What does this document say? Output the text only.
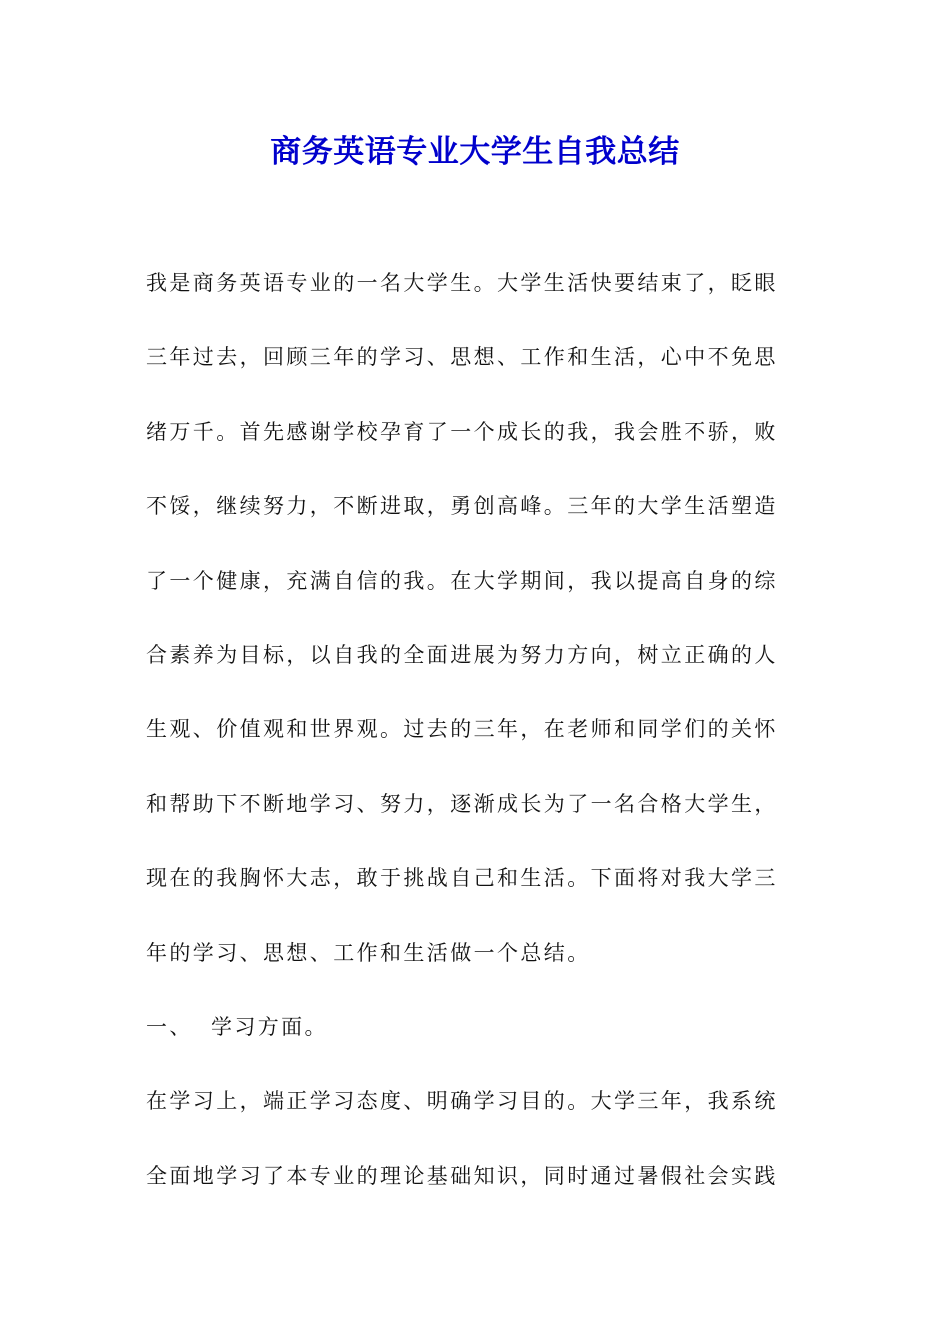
商务英语专业大学生自我总结
我是商务英语专业的一名大学生。大学生活快要结束了，眨眼
三年过去，回顾三年的学习、思想、工作和生活，心中不免思
绪万千。首先感谢学校孕育了一个成长的我，我会胜不骄，败
不馁，继续努力，不断进取，勇创高峰。三年的大学生活塑造
了一个健康，充满自信的我。在大学期间，我以提高自身的综
合素养为目标，以自我的全面进展为努力方向，树立正确的人
生观、价值观和世界观。过去的三年，在老师和同学们的关怀
和帮助下不断地学习、努力，逐渐成长为了一名合格大学生，
现在的我胸怀大志，敢于挑战自己和生活。下面将对我大学三
年的学习、思想、工作和生活做一个总结。
一、  学习方面。
在学习上，端正学习态度、明确学习目的。大学三年，我系统
全面地学习了本专业的理论基础知识，同时通过暑假社会实践
